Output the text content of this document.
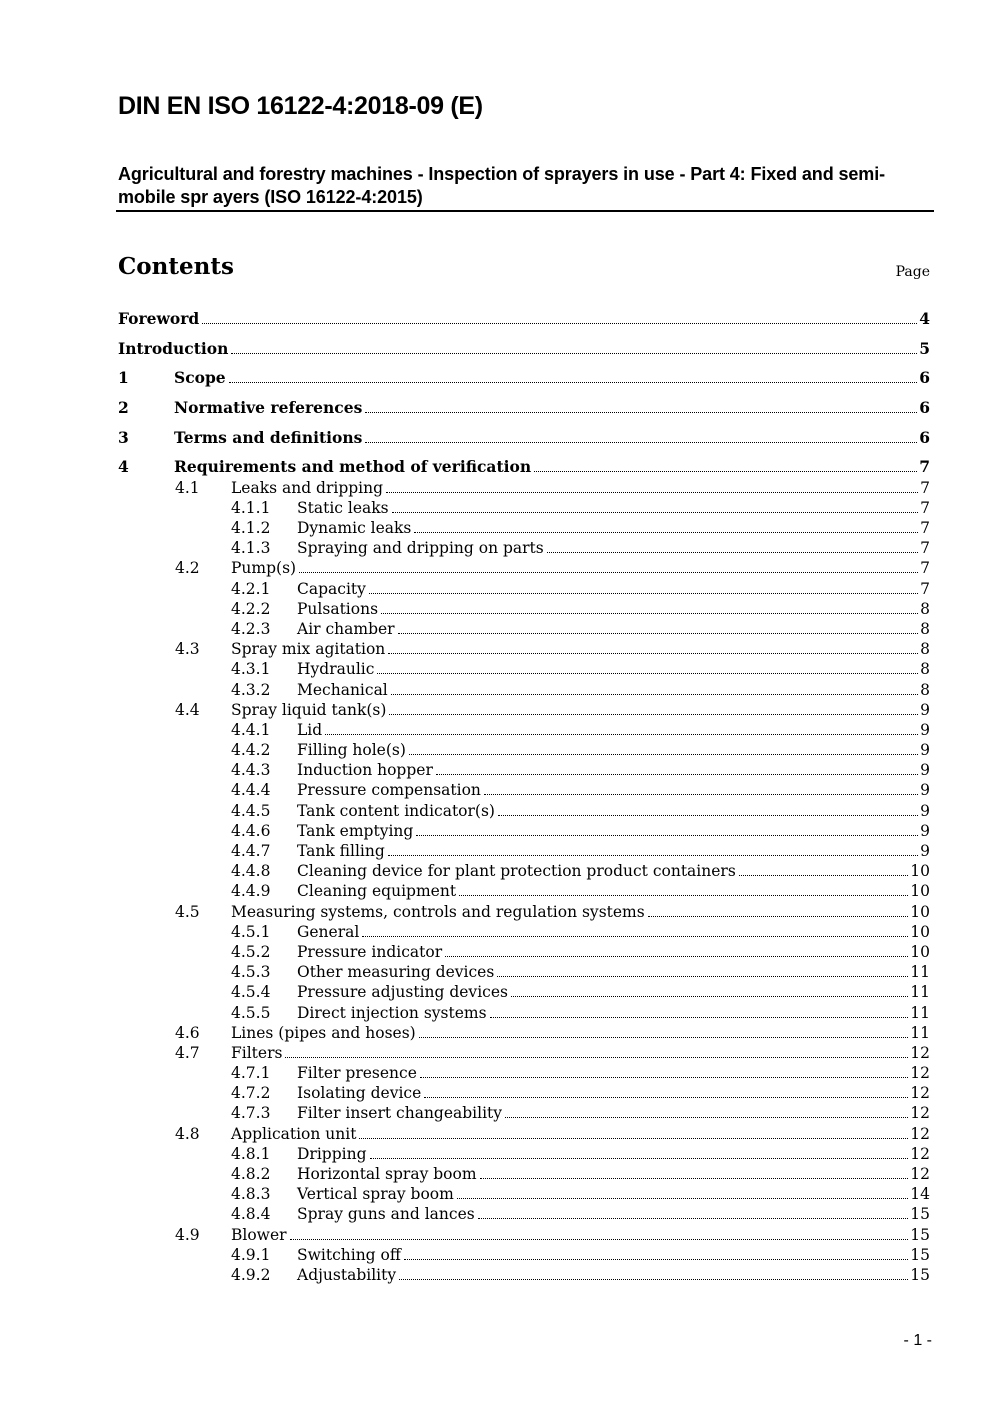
DIN EN ISO 16122-4:2018-09 (E)
Agricultural and forestry machines - Inspection of sprayers in use - Part 4: Fixed and semi-mobile spr ayers (ISO 16122-4:2015)
Contents	Page
Foreword	4
Introduction	5
1	Scope	6
2	Normative references	6
3	Terms and definitions	6
4	Requirements and method of verification	7
4.1 Leaks and dripping	7
4.1.1 Static leaks	7
4.1.2 Dynamic leaks	7
4.1.3 Spraying and dripping on parts	7
4.2 Pump(s)	7
4.2.1 Capacity	7
4.2.2 Pulsations	8
4.2.3 Air chamber	8
4.3 Spray mix agitation	8
4.3.1 Hydraulic	8
4.3.2 Mechanical	8
4.4 Spray liquid tank(s)	9
4.4.1 Lid	9
4.4.2 Filling hole(s)	9
4.4.3 Induction hopper	9
4.4.4 Pressure compensation	9
4.4.5 Tank content indicator(s)	9
4.4.6 Tank emptying	9
4.4.7 Tank filling	9
4.4.8 Cleaning device for plant protection product containers	10
4.4.9 Cleaning equipment	10
4.5 Measuring systems, controls and regulation systems	10
4.5.1 General	10
4.5.2 Pressure indicator	10
4.5.3 Other measuring devices	11
4.5.4 Pressure adjusting devices	11
4.5.5 Direct injection systems	11
4.6 Lines (pipes and hoses)	11
4.7 Filters	12
4.7.1 Filter presence	12
4.7.2 Isolating device	12
4.7.3 Filter insert changeability	12
4.8 Application unit	12
4.8.1 Dripping	12
4.8.2 Horizontal spray boom	12
4.8.3 Vertical spray boom	14
4.8.4 Spray guns and lances	15
4.9 Blower	15
4.9.1 Switching off	15
4.9.2 Adjustability	15
- 1 -
